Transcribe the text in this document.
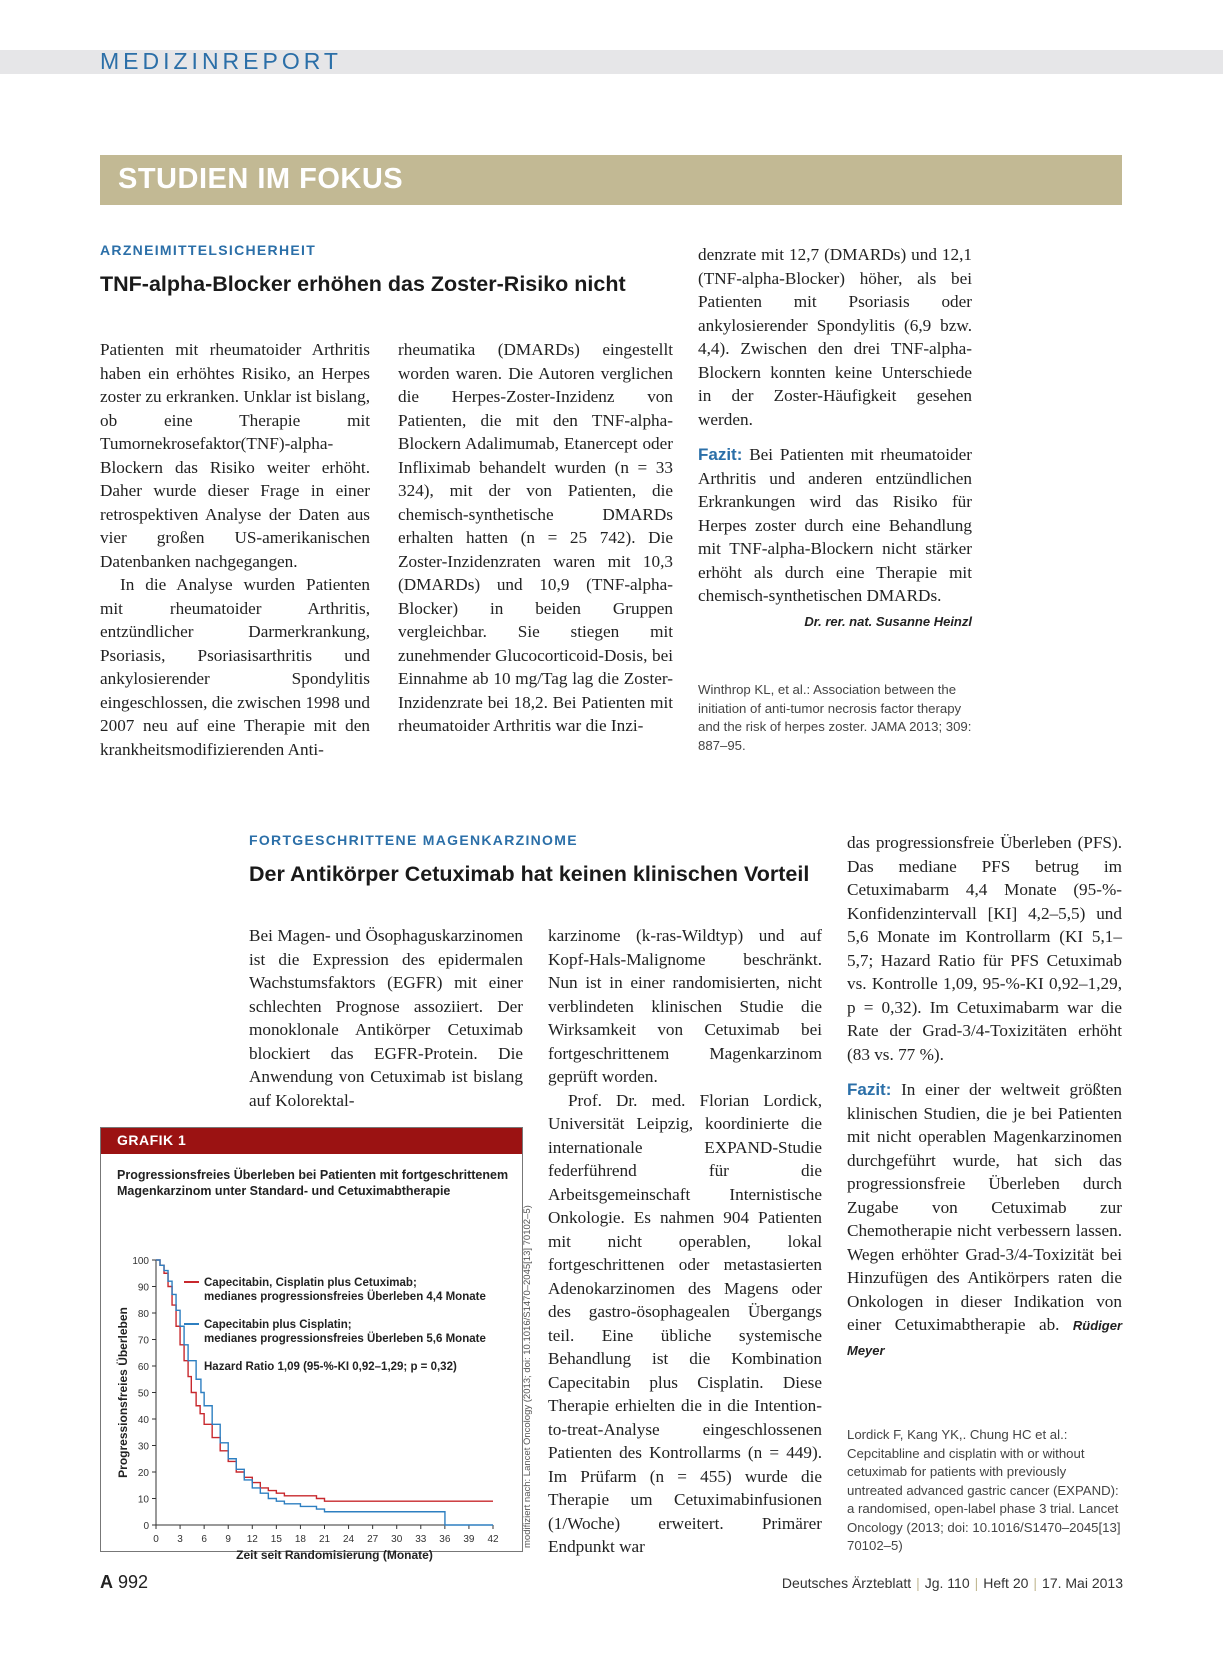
MEDIZINREPORT
STUDIEN IM FOKUS
ARZNEIMITTELSICHERHEIT
TNF-alpha-Blocker erhöhen das Zoster-Risiko nicht

Patienten mit rheumatoider Arthritis haben ein erhöhtes Risiko, an Herpes zoster zu erkranken. Unklar ist bislang, ob eine Therapie mit Tumornekrosefaktor(TNF)-alpha-Blockern das Risiko weiter erhöht. Daher wurde dieser Frage in einer retrospektiven Analyse der Daten aus vier großen US-amerikanischen Datenbanken nachgegangen.

In die Analyse wurden Patienten mit rheumatoider Arthritis, entzündlicher Darmerkrankung, Psoriasis, Psoriasisarthritis und ankylosierender Spondylitis eingeschlossen, die zwischen 1998 und 2007 neu auf eine Therapie mit den krankheitsmodifizierenden Anti-

rheumatika (DMARDs) eingestellt worden waren. Die Autoren verglichen die Herpes-Zoster-Inzidenz von Patienten, die mit den TNF-alpha-Blockern Adalimumab, Etanercept oder Infliximab behandelt wurden (n = 33 324), mit der von Patienten, die chemisch-synthetische DMARDs erhalten hatten (n = 25 742). Die Zoster-Inzidenzraten waren mit 10,3 (DMARDs) und 10,9 (TNF-alpha-Blocker) in beiden Gruppen vergleichbar. Sie stiegen mit zunehmender Glucocorticoid-Dosis, bei Einnahme ab 10 mg/Tag lag die Zoster-Inzidenzrate bei 18,2. Bei Patienten mit rheumatoider Arthritis war die Inzi-

denzrate mit 12,7 (DMARDs) und 12,1 (TNF-alpha-Blocker) höher, als bei Patienten mit Psoriasis oder ankylosierender Spondylitis (6,9 bzw. 4,4). Zwischen den drei TNF-alpha-Blockern konnten keine Unterschiede in der Zoster-Häufigkeit gesehen werden.

Fazit: Bei Patienten mit rheumatoider Arthritis und anderen entzündlichen Erkrankungen wird das Risiko für Herpes zoster durch eine Behandlung mit TNF-alpha-Blockern nicht stärker erhöht als durch eine Therapie mit chemisch-synthetischen DMARDs.

Dr. rer. nat. Susanne Heinzl
Winthrop KL, et al.: Association between the initiation of anti-tumor necrosis factor therapy and the risk of herpes zoster. JAMA 2013; 309: 887–95.
FORTGESCHRITTENE MAGENKARZINOME
Der Antikörper Cetuximab hat keinen klinischen Vorteil

Bei Magen- und Ösophaguskarzinomen ist die Expression des epidermalen Wachstumsfaktors (EGFR) mit einer schlechten Prognose assoziiert. Der monoklonale Antikörper Cetuximab blockiert das EGFR-Protein. Die Anwendung von Cetuximab ist bislang auf Kolorektal-

karzinome (k-ras-Wildtyp) und auf Kopf-Hals-Malignome beschränkt. Nun ist in einer randomisierten, nicht verblindeten klinischen Studie die Wirksamkeit von Cetuximab bei fortgeschrittenem Magenkarzinom geprüft worden.

Prof. Dr. med. Florian Lordick, Universität Leipzig, koordinierte die internationale EXPAND-Studie federführend für die Arbeitsgemeinschaft Internistische Onkologie. Es nahmen 904 Patienten mit nicht operablen, lokal fortgeschrittenen oder metastasierten Adenokarzinomen des Magens oder des gastro-ösophagealen Übergangs teil. Eine übliche systemische Behandlung ist die Kombination Capecitabin plus Cisplatin. Diese Therapie erhielten die in die Intention-to-treat-Analyse eingeschlossenen Patienten des Kontrollarms (n = 449). Im Prüfarm (n = 455) wurde die Therapie um Cetuximabinfusionen (1/Woche) erweitert. Primärer Endpunkt war

das progressionsfreie Überleben (PFS). Das mediane PFS betrug im Cetuximabarm 4,4 Monate (95-%-Konfidenzintervall [KI] 4,2–5,5) und 5,6 Monate im Kontrollarm (KI 5,1–5,7; Hazard Ratio für PFS Cetuximab vs. Kontrolle 1,09, 95-%-KI 0,92–1,29, p = 0,32). Im Cetuximabarm war die Rate der Grad-3/4-Toxizitäten erhöht (83 vs. 77 %).

Fazit: In einer der weltweit größten klinischen Studien, die je bei Patienten mit nicht operablen Magenkarzinomen durchgeführt wurde, hat sich das progressionsfreie Überleben durch Zugabe von Cetuximab zur Chemotherapie nicht verbessern lassen. Wegen erhöhter Grad-3/4-Toxizität bei Hinzufügen des Antikörpers raten die Onkologen in dieser Indikation von einer Cetuximabtherapie ab. Rüdiger Meyer

Lordick F, Kang YK,. Chung HC et al.: Cepcitabline and cisplatin with or without cetuximab for patients with previously untreated advanced gastric cancer (EXPAND): a randomised, open-label phase 3 trial. Lancet Oncology (2013; doi: 10.1016/S1470–2045[13] 70102–5)
GRAFIK 1
Progressionsfreies Überleben bei Patienten mit fortgeschrittenem Magenkarzinom unter Standard- und Cetuximabtherapie
0
10
20
30
40
50
60
70
80
90
100
0 3 6 9 12 15 18 21 24 27 30 33 36 39 42
Zeit seit Randomisierung (Monate)
Progressionsfreies Überleben
Capecitabin, Cisplatin plus Cetuximab;
medianes progressionsfreies Überleben 4,4 Monate
Capecitabin plus Cisplatin;
medianes progressionsfreies Überleben 5,6 Monate
Hazard Ratio 1,09 (95-%-KI 0,92–1,29; p = 0,32)	modifiziert nach: Lancet Oncology (2013; doi: 10.1016/S1470–2045[13] 70102–5)
A 992	Deutsches Ärzteblatt | Jg. 110 | Heft 20 | 17. Mai 2013
